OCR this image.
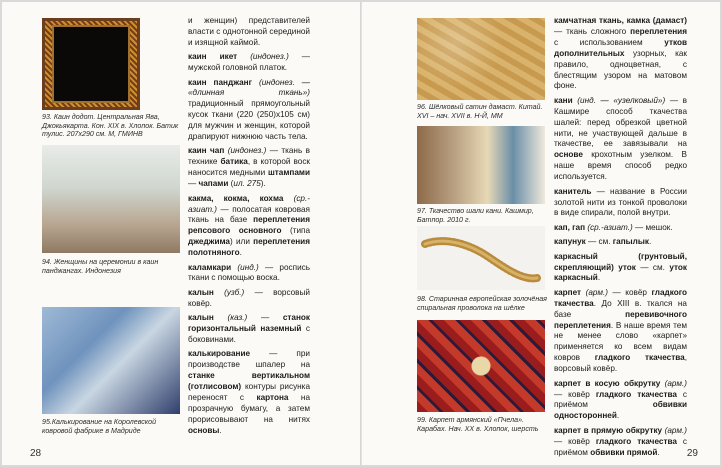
93. Каин додот. Центральная Ява, Джокьякарта. Кон. XIX в. Хлопок. Батик тулис. 207х290 см. М, ГМИНВ
94. Женщины на церемонии в каин панджангах. Индонезия
95.Калькирование на Королевской ковровой фабрике в Мадриде
и женщин) представителей власти с однотонной серединой и изящной каймой.
каин икет (индонез.) — мужской головной платок.
каин панджанг (индонез. — «длинная ткань») традиционный прямоугольный кусок ткани (220 (250)х105 см) для мужчин и женщин, которой драпируют нижнюю часть тела.
каин чап (индонез.) — ткань в технике батика, в которой воск наносится медными штампами — чапами (ил. 275).
какма, кокма, кохма (ср.-азиат.) — полосатая ковровая ткань на базе переплетения репсового основного (типа джеджима) или переплетения полотняного.
каламкари (инд.) — роспись ткани с помощью воска.
калын (узб.) — ворсовый ковёр.
калын (каз.) — станок горизонтальный наземный с боковинами.
калькирование — при производстве шпалер на станке вертикальном (готлисовом) контуры рисунка переносят с картона на прозрачную бумагу, а затем прорисовывают на нитях основы.
28
96. Шёлковый сатин дамаст. Китай. XVI – нач. XVII в. Н-Й, ММ
97. Ткачество шали кани. Кашмир, Батпор. 2010 г.
98. Старинная европейская золочёная спиральная проволока на шёлке
99. Карпет армянский «Пчела». Карабах. Нач. XX в. Хлопок, шерсть
камчатная ткань, камка (дамаст) — ткань сложного переплетения с использованием утков дополнительных узорных, как правило, однoцветная, с блестящим узором на матовом фоне.
кани (инд. — «узелковый») — в Кашмире способ ткачества шалей: перед обрезкой цветной нити, не участвующей дальше в ткачестве, ее завязывали на основе крохотным узелком. В наше время способ редко используется.
канитель — название в России золотой нити из тонкой проволоки в виде спирали, полой внутри.
кап, гап (ср.-азиат.) — мешок.
капунук — см. гапылык.
каркасный (грунтовый, скрепляющий) уток — см. уток каркасный.
карпет (арм.) — ковёр гладкого ткачества. До XIII в. ткался на базе перевивочного переплетения. В наше время тем не менее слово «карпет» применяется ко всем видам ковров гладкого ткачества, ворсовый ковёр.
карпет в косую обкрутку (арм.) — ковёр гладкого ткачества с приёмом обвивки односторонней.
карпет в прямую обкрутку (арм.) — ковёр гладкого ткачества с приёмом обвивки прямой.	29
